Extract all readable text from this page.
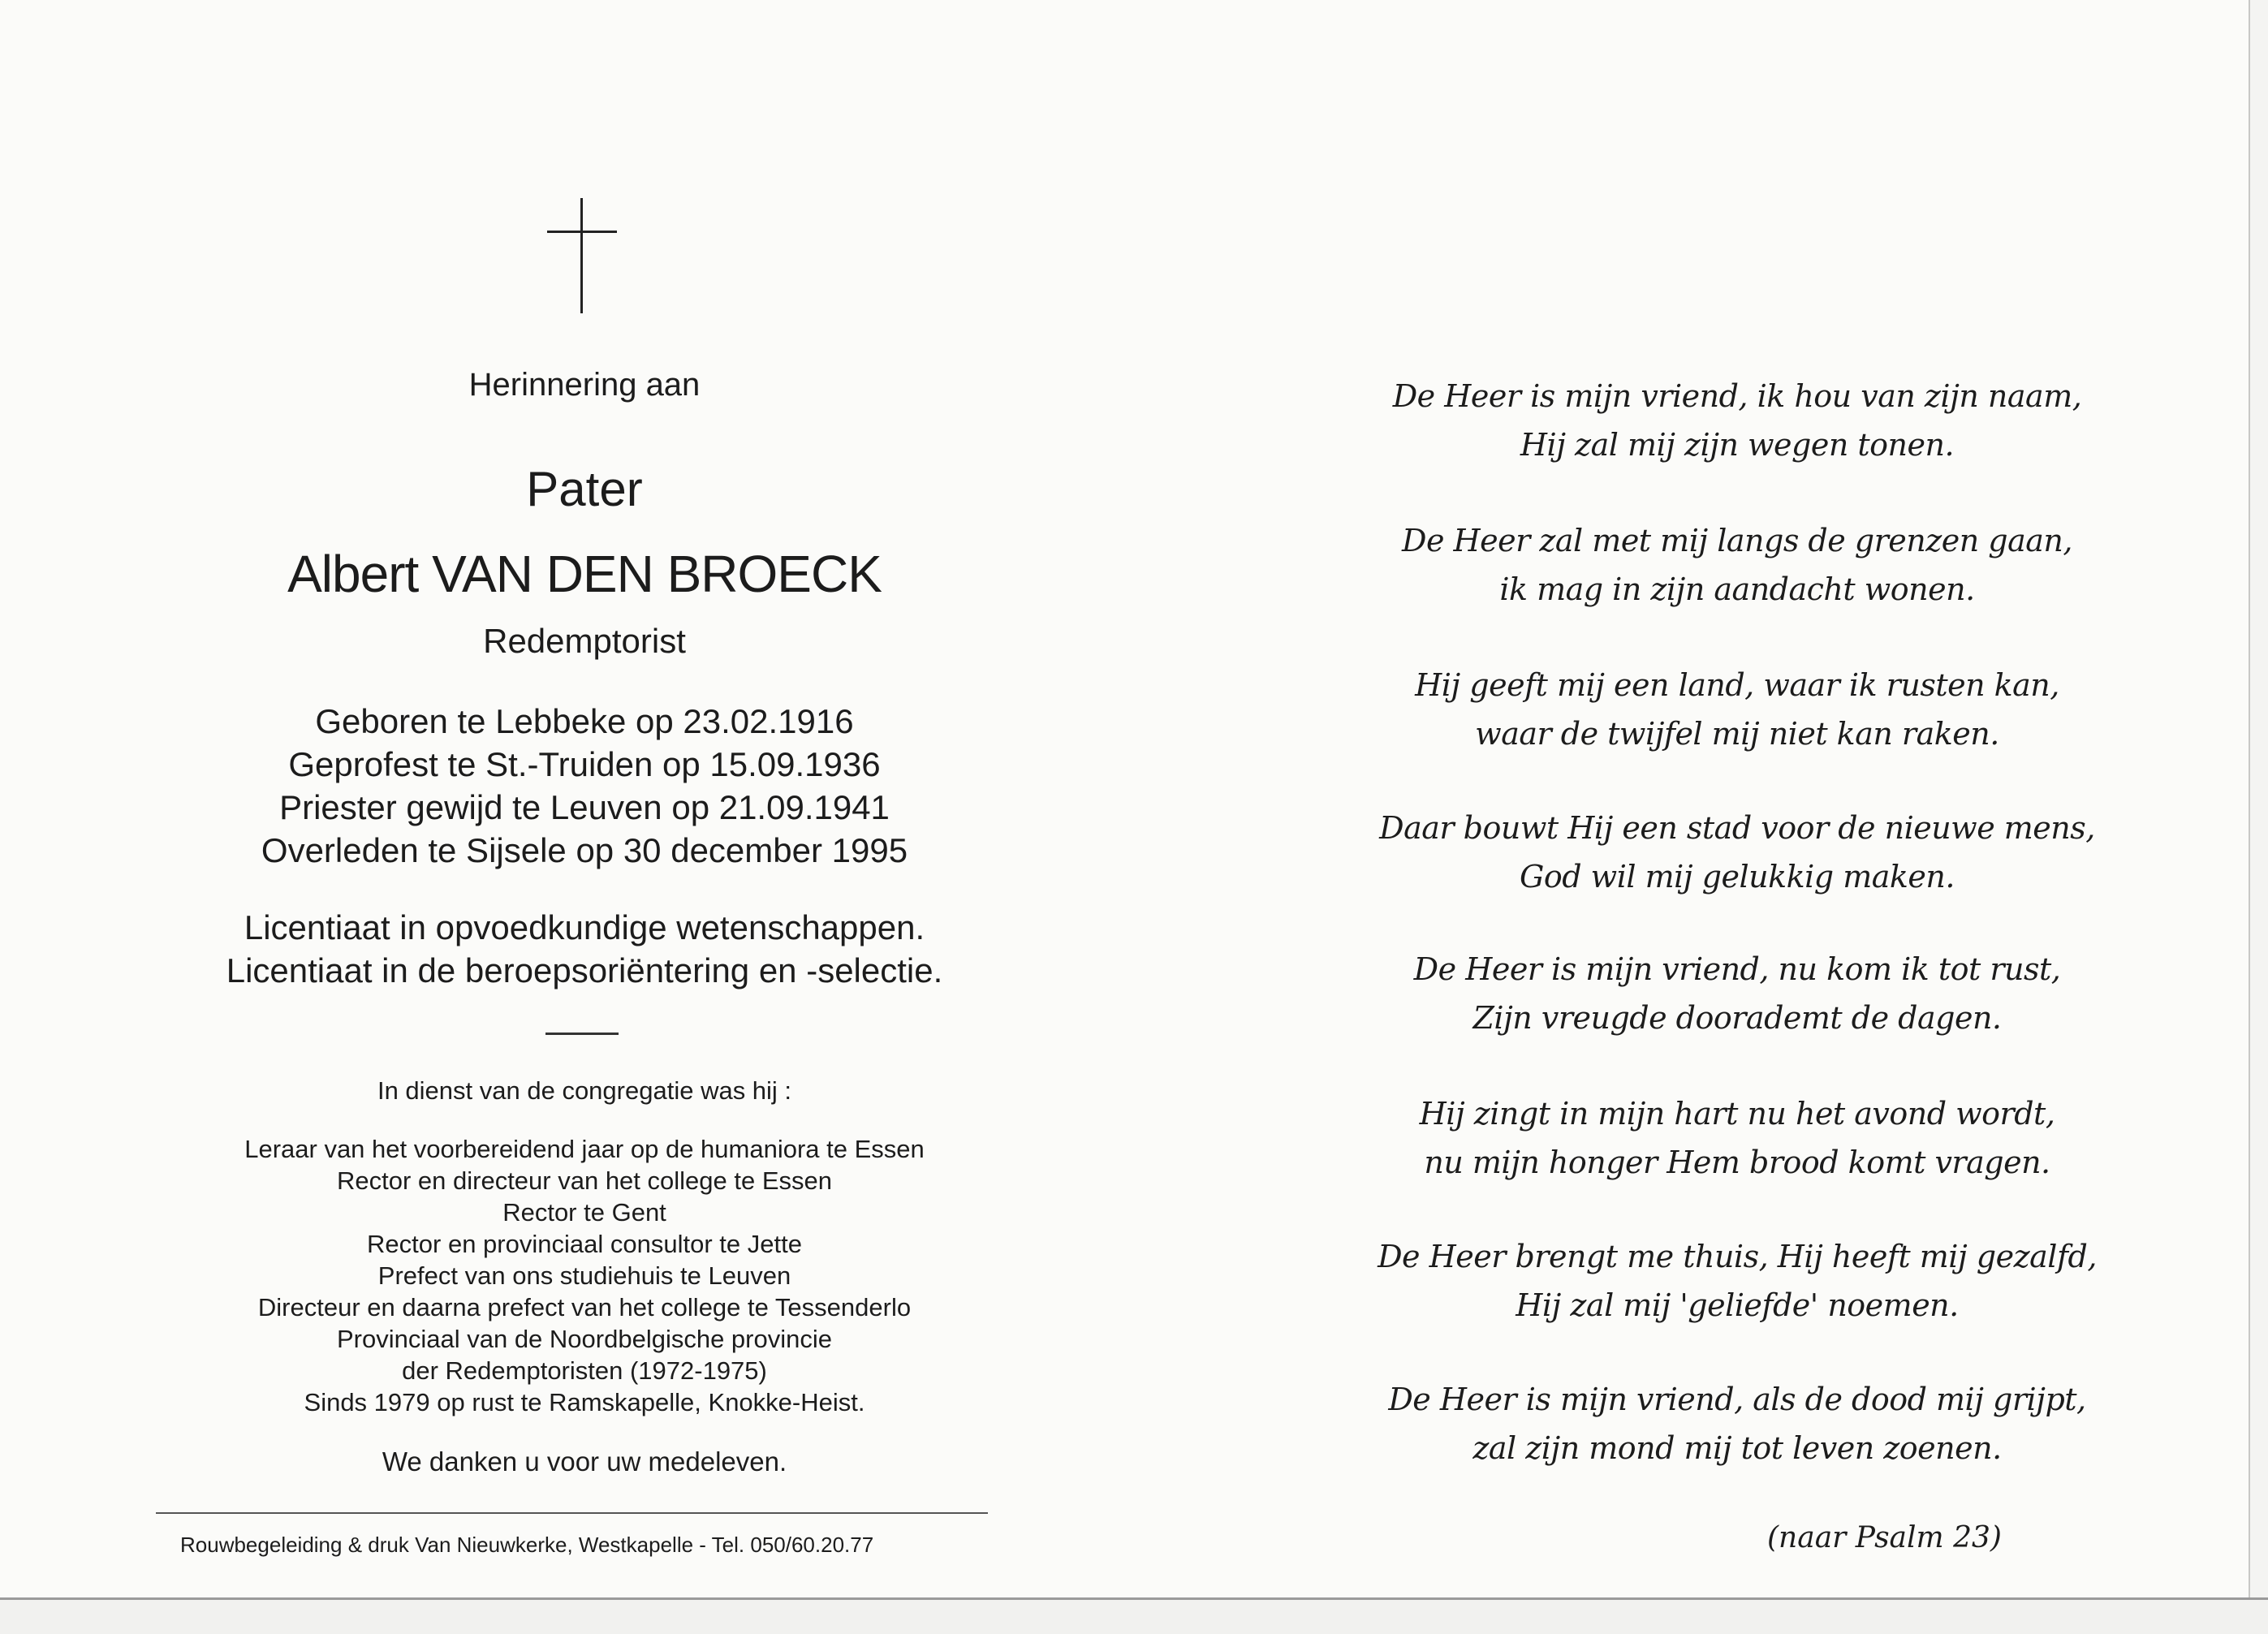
Herinnering aan
Pater
Albert VAN DEN BROECK
Redemptorist
Geboren te Lebbeke op 23.02.1916
Geprofest te St.-Truiden op 15.09.1936
Priester gewijd te Leuven op 21.09.1941
Overleden te Sijsele op 30 december 1995
Licentiaat in opvoedkundige wetenschappen.
Licentiaat in de beroepsoriëntering en -selectie.
In dienst van de congregatie was hij :
Leraar van het voorbereidend jaar op de humaniora te Essen
Rector en directeur van het college te Essen
Rector te Gent
Rector en provinciaal consultor te Jette
Prefect van ons studiehuis te Leuven
Directeur en daarna prefect van het college te Tessenderlo
Provinciaal van de Noordbelgische provincie
der Redemptoristen (1972-1975)
Sinds 1979 op rust te Ramskapelle, Knokke-Heist.
We danken u voor uw medeleven.
Rouwbegeleiding & druk Van Nieuwkerke, Westkapelle - Tel. 050/60.20.77
De Heer is mijn vriend, ik hou van zijn naam,
Hij zal mij zijn wegen tonen.
De Heer zal met mij langs de grenzen gaan,
ik mag in zijn aandacht wonen.
Hij geeft mij een land, waar ik rusten kan,
waar de twijfel mij niet kan raken.
Daar bouwt Hij een stad voor de nieuwe mens,
God wil mij gelukkig maken.
De Heer is mijn vriend, nu kom ik tot rust,
Zijn vreugde doorademt de dagen.
Hij zingt in mijn hart nu het avond wordt,
nu mijn honger Hem brood komt vragen.
De Heer brengt me thuis, Hij heeft mij gezalfd,
Hij zal mij 'geliefde' noemen.
De Heer is mijn vriend, als de dood mij grijpt,
zal zijn mond mij tot leven zoenen.
(naar Psalm 23)
